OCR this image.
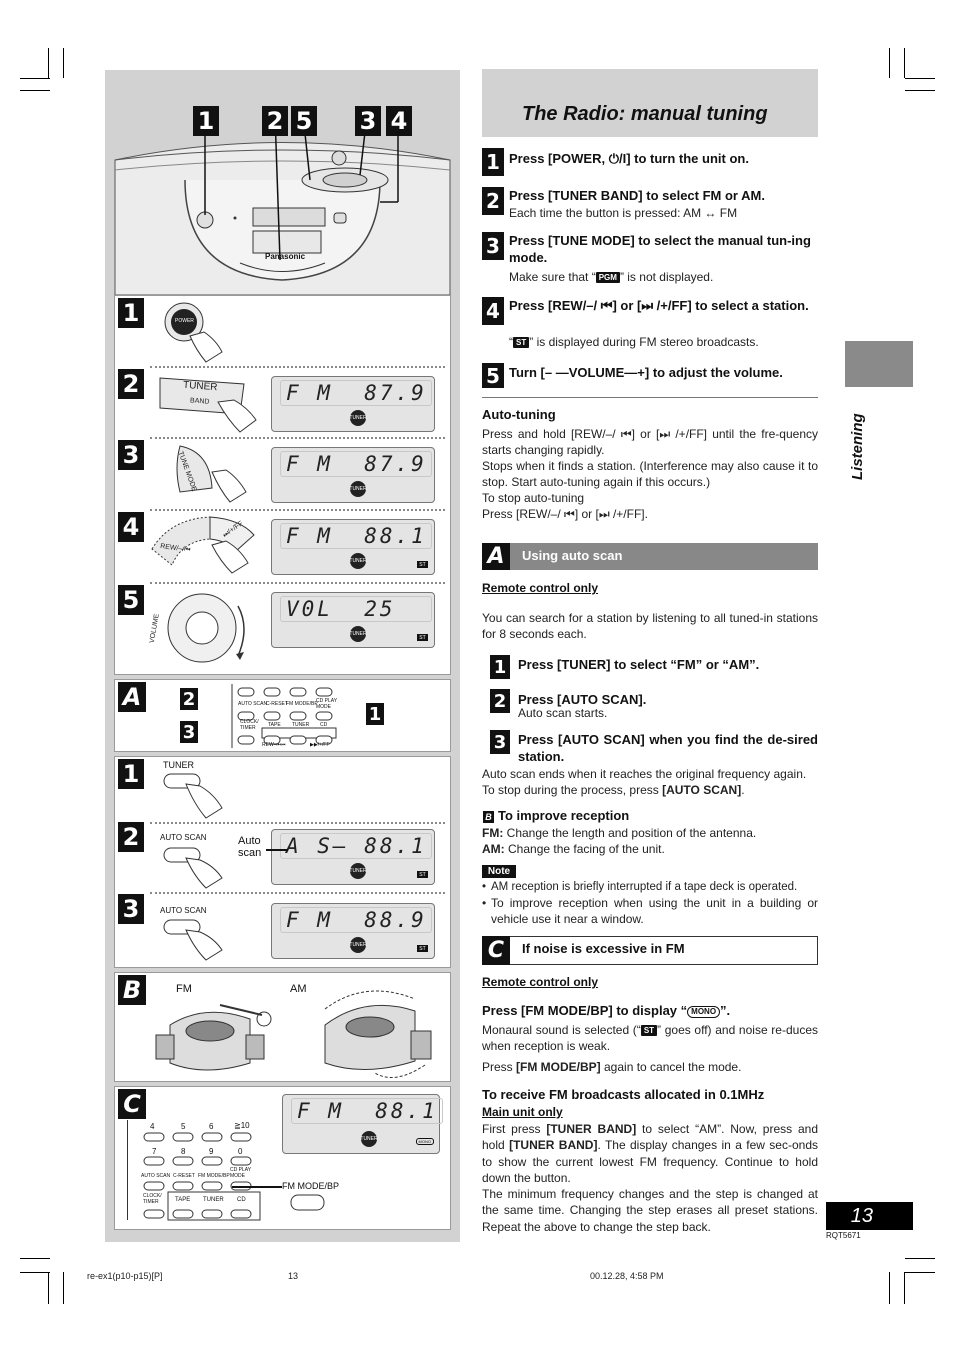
1 2 5 3 4
Panasonic
1
2
3
4
5
POWER
TUNER
BAND	F M  87.9
TUNER
TUNE MODE	F M  87.9
TUNER
REW/–/⏮
⏭/+/FF F M  88.1
TUNER
ST
VOLUME
V0L  25
TUNER
ST
A 2
3
1
AUTO SCAN
C-RESET
FM MODE/BP
CD PLAY MODE
CLOCK/ TIMER	TAPE TUNER CD
REW–⏮⏮	▶▶/+/FF
1
2
3
TUNER
AUTO SCAN	Auto scan	A S— 88.1
TUNER
ST
AUTO SCAN	F M  88.9
TUNER
ST
B	FM	AM
C	F M  88.1
TUNER	MONO
4	5	6	≧10
7	8	9	0
AUTO SCAN C-RESET FM MODE/BP
CD PLAY MODE
CLOCK/ TIMER	TAPE TUNER CD
FM MODE/BP
The Radio: manual tuning
1 Press [POWER, ⏻/I] to turn the unit on.
2 Press [TUNER BAND] to select FM or AM.
Each time the button is pressed: AM ↔ FM
3 Press [TUNE MODE] to select the manual tun-ing mode.
Make sure that “ PGM ” is not displayed.
4 Press [REW/–/ ⏮] or [⏭ /+/FF] to select a station.
“ ST ” is displayed during FM stereo broadcasts.
5 Turn [– —VOLUME—+] to adjust the volume.
Auto-tuning
Press and hold [REW/–/ ⏮] or [⏭ /+/FF] until the fre-quency starts changing rapidly.
Stops when it finds a station. (Interference may also cause it to stop. Start auto-tuning again if this occurs.)
To stop auto-tuning
Press [REW/–/ ⏮] or [⏭ /+/FF].
A	Using auto scan
Remote control only
You can search for a station by listening to all tuned-in stations for 8 seconds each.
1 Press [TUNER] to select “FM” or “AM”.
2 Press [AUTO SCAN].
Auto scan starts.
3 Press [AUTO SCAN] when you find the de-sired station.
Auto scan ends when it reaches the original frequency again.
To stop during the process, press [AUTO SCAN].
B To improve reception
FM: Change the length and position of the antenna.
AM: Change the facing of the unit.
Note
• AM reception is briefly interrupted if a tape deck is operated.
• To improve reception when using the unit in a building or vehicle use it near a window.
C	If noise is excessive in FM
Remote control only
Press [FM MODE/BP] to display “ MONO ”.
Monaural sound is selected (“ ST ” goes off) and noise re-duces when reception is weak.
Press [FM MODE/BP] again to cancel the mode.
To receive FM broadcasts allocated in 0.1MHz
Main unit only
First press [TUNER BAND] to select “AM”. Now, press and hold [TUNER BAND]. The display changes in a few sec-onds to show the current lowest FM frequency. Continue to hold down the button.
The minimum frequency changes and the step is changed at the same time. Changing the step erases all preset stations. Repeat the above to change the step back.
Listening
13
RQT5671
re-ex1(p10-p15)[P]	13	00.12.28, 4:58 PM
